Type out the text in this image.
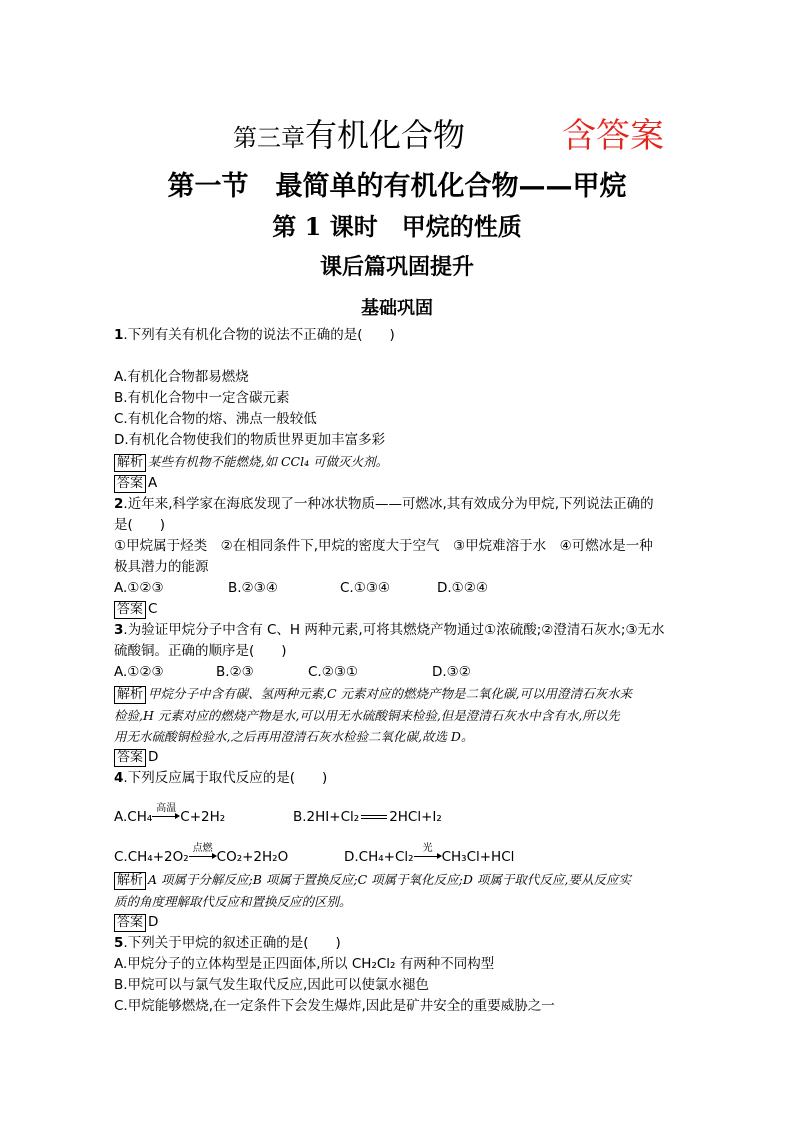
第三章有机化合物	含答案
第一节　最简单的有机化合物——甲烷
第 1 课时　甲烷的性质
课后篇巩固提升
基础巩固
1.下列有关有机化合物的说法不正确的是(　　)
A.有机化合物都易燃烧
B.有机化合物中一定含碳元素
C.有机化合物的熔、沸点一般较低
D.有机化合物使我们的物质世界更加丰富多彩
解析 某些有机物不能燃烧,如 CCl₄ 可做灭火剂。
答案 A
2.近年来,科学家在海底发现了一种冰状物质——可燃冰,其有效成分为甲烷,下列说法正确的
是(　　)
①甲烷属于烃类　②在相同条件下,甲烷的密度大于空气　③甲烷难溶于水　④可燃冰是一种
极具潜力的能源
A.①②③	B.②③④	C.①③④	D.①②④
答案 C
3.为验证甲烷分子中含有 C、H 两种元素,可将其燃烧产物通过①浓硫酸;②澄清石灰水;③无水
硫酸铜。正确的顺序是(　　)
A.①②③	B.②③	C.②③①	D.③②
解析 甲烷分子中含有碳、氢两种元素,C 元素对应的燃烧产物是二氧化碳,可以用澄清石灰水来
检验,H 元素对应的燃烧产物是水,可以用无水硫酸铜来检验,但是澄清石灰水中含有水,所以先
用无水硫酸铜检验水,之后再用澄清石灰水检验二氧化碳,故选 D。
答案 D
4.下列反应属于取代反应的是(　　)
A.CH₄
高温
C+2H₂	B.2HI+Cl₂ 2HCl+I₂
C.CH₄+2O₂
点燃
CO₂+2H₂O	D.CH₄+Cl₂
光
CH₃Cl+HCl
解析 A 项属于分解反应;B 项属于置换反应;C 项属于氧化反应;D 项属于取代反应,要从反应实
质的角度理解取代反应和置换反应的区别。
答案 D
5.下列关于甲烷的叙述正确的是(　　)
A.甲烷分子的立体构型是正四面体,所以 CH₂Cl₂ 有两种不同构型
B.甲烷可以与氯气发生取代反应,因此可以使氯水褪色
C.甲烷能够燃烧,在一定条件下会发生爆炸,因此是矿井安全的重要威胁之一
